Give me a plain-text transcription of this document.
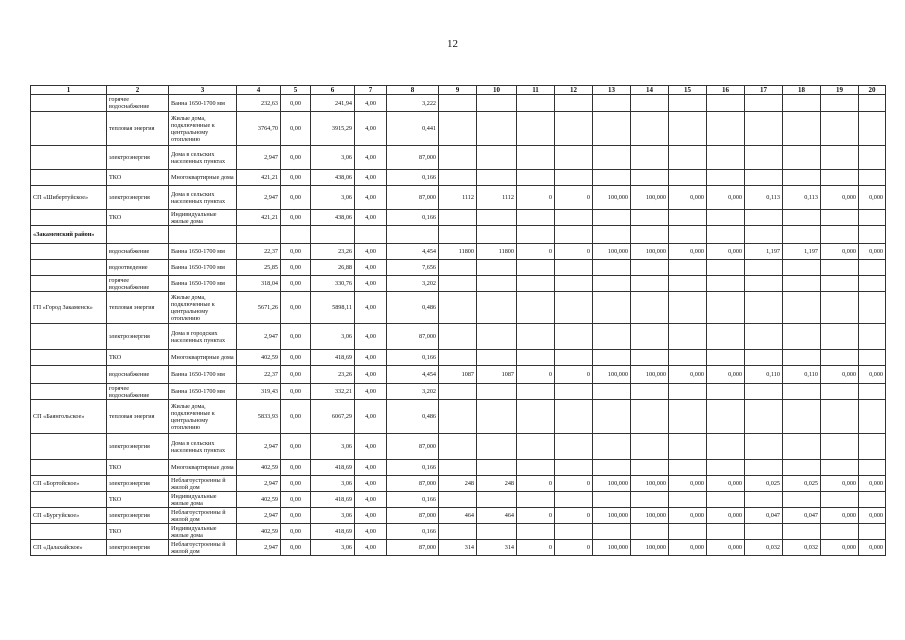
12
1	2	3	4	5	6	7	8	9	10	11	12	13	14	15	16	17	18	19	20
	горячее водоснабжение	Ванна 1650-1700 мм	232,63	0,00	241,94	4,00	3,222												
	тепловая энергия	Жилые дома, подключенные к центральному отоплению	3764,70	0,00	3915,29	4,00	0,441												
	электроэнергия	Дома в сельских населенных пунктах	2,947	0,00	3,06	4,00	87,000												
	ТКО	Многоквартирные дома	421,21	0,00	438,06	4,00	0,166												
СП «Шибертуйское»	электроэнергия	Дома в сельских населенных пунктах	2,947	0,00	3,06	4,00	87,000	1112	1112	0	0	100,000	100,000	0,000	0,000	0,113	0,113	0,000	0,000
	ТКО	Индивидуальные жилые дома	421,21	0,00	438,06	4,00	0,166												
«Закаменский район»																			
	водоснабжение	Ванна 1650-1700 мм	22,37	0,00	23,26	4,00	4,454	11800	11800	0	0	100,000	100,000	0,000	0,000	1,197	1,197	0,000	0,000
	водоотведение	Ванна 1650-1700 мм	25,85	0,00	26,88	4,00	7,656												
	горячее водоснабжение	Ванна 1650-1700 мм	318,04	0,00	330,76	4,00	3,202												
ГП «Город Закаменск»	тепловая энергия	Жилые дома, подключенные к центральному отоплению	5671,26	0,00	5898,11	4,00	0,486												
	электроэнергия	Дома в городских населенных пунктах	2,947	0,00	3,06	4,00	87,000												
	ТКО	Многоквартирные дома	402,59	0,00	418,69	4,00	0,166												
	водоснабжение	Ванна 1650-1700 мм	22,37	0,00	23,26	4,00	4,454	1087	1087	0	0	100,000	100,000	0,000	0,000	0,110	0,110	0,000	0,000
	горячее водоснабжение	Ванна 1650-1700 мм	319,43	0,00	332,21	4,00	3,202												
СП «Баянгольское»	тепловая энергия	Жилые дома, подключенные к центральному отоплению	5833,93	0,00	6067,29	4,00	0,486												
	электроэнергия	Дома в сельских населенных пунктах	2,947	0,00	3,06	4,00	87,000												
	ТКО	Многоквартирные дома	402,59	0,00	418,69	4,00	0,166												
СП «Бортойское»	электроэнергия	Неблагоустроенны й жилой дом	2,947	0,00	3,06	4,00	87,000	248	248	0	0	100,000	100,000	0,000	0,000	0,025	0,025	0,000	0,000
	ТКО	Индивидуальные жилые дома	402,59	0,00	418,69	4,00	0,166												
СП «Бургуйское»	электроэнергия	Неблагоустроенны й жилой дом	2,947	0,00	3,06	4,00	87,000	464	464	0	0	100,000	100,000	0,000	0,000	0,047	0,047	0,000	0,000
	ТКО	Индивидуальные жилые дома	402,59	0,00	418,69	4,00	0,166												
СП «Далахайское»	электроэнергия	Неблагоустроенны й жилой дом	2,947	0,00	3,06	4,00	87,000	314	314	0	0	100,000	100,000	0,000	0,000	0,032	0,032	0,000	0,000
